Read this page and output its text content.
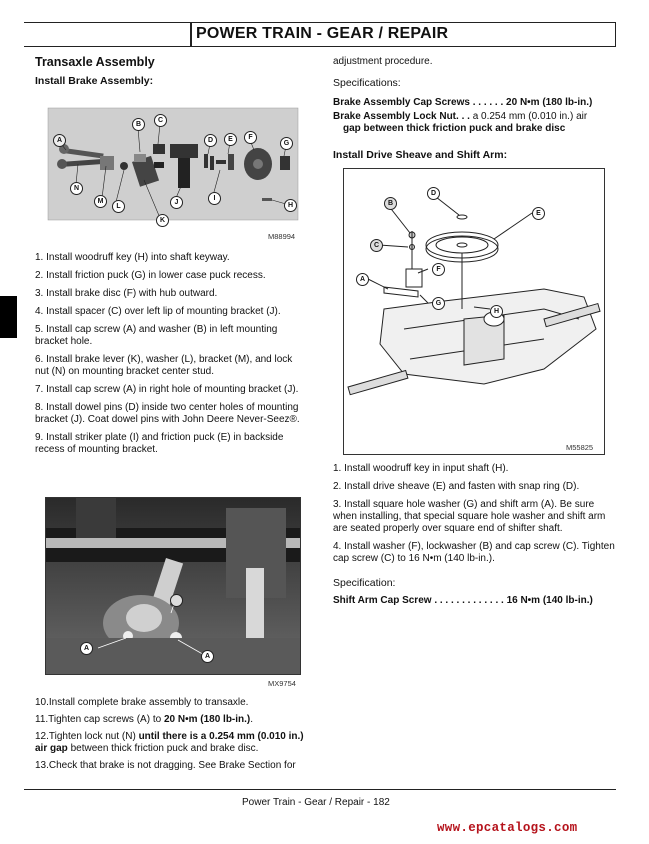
POWER TRAIN - GEAR / REPAIR
Transaxle Assembly
Install Brake Assembly:
A
B
C
D	E	F
G
H
I
J
K
L
M
N
M88994

1. Install woodruff key (H) into shaft keyway.

2. Install friction puck (G) in lower case puck recess.

3. Install brake disc (F) with hub outward.

4. Install spacer (C) over left lip of mounting bracket (J).

5. Install cap screw (A) and washer (B) in left mounting bracket hole.

6. Install brake lever (K), washer (L), bracket (M), and lock nut (N) on mounting bracket center stud.

7. Install cap screw (A) in right hole of mounting bracket (J).

8. Install dowel pins (D) inside two center holes of mounting bracket (J). Coat dowel pins with John Deere Never-Seez®.

9. Install striker plate (I) and friction puck (E) in backside recess of mounting bracket.

A
A
MX9754

10.Install complete brake assembly to transaxle.

11.Tighten cap screws (A) to 20 N•m (180 lb-in.).

12.Tighten lock nut (N) until there is a 0.254 mm (0.010 in.) air gap between thick friction puck and brake disc.

13.Check that brake is not dragging. See Brake Section for

adjustment procedure.

Specifications:

Brake Assembly Cap Screws . . . . . . 20 N•m (180 lb-in.)

Brake Assembly Lock Nut. . . a 0.254 mm (0.010 in.) air

gap between thick friction puck and brake disc

Install Drive Sheave and Shift Arm:

D
E
B
C
F
A
G
H
M55825

1. Install woodruff key in input shaft (H).

2. Install drive sheave (E) and fasten with snap ring (D).

3. Install square hole washer (G) and shift arm (A). Be sure when installing, that special square hole washer and shift arm are seated properly over square end of shifter shaft.

4. Install washer (F), lockwasher (B) and cap screw (C). Tighten cap screw (C) to 16 N•m (140 lb-in.).

Specification:

Shift Arm Cap Screw . . . . . . . . . . . . . 16 N•m (140 lb-in.)

Power Train - Gear / Repair - 182
www.epcatalogs.com
